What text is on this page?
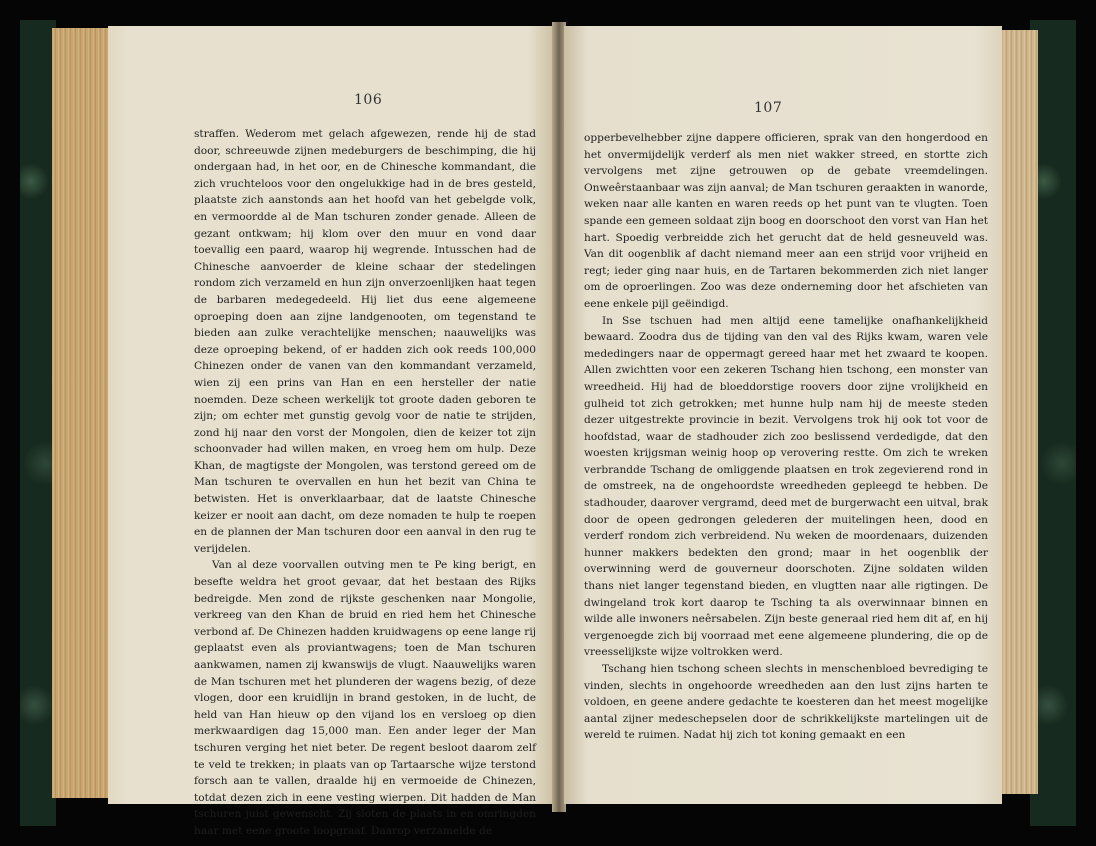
106

straffen. Wederom met gelach afgewezen, rende hij de stad door, schreeuwde zijnen medeburgers de beschimping, die hij ondergaan had, in het oor, en de Chinesche kommandant, die zich vruchteloos voor den ongelukkige had in de bres gesteld, plaatste zich aanstonds aan het hoofd van het gebelgde volk, en vermoordde al de Man tschuren zonder genade. Alleen de gezant ontkwam; hij klom over den muur en vond daar toevallig een paard, waarop hij wegrende. Intusschen had de Chinesche aanvoerder de kleine schaar der stedelingen rondom zich verzameld en hun zijn onverzoenlijken haat tegen de barbaren medegedeeld. Hij liet dus eene algemeene oproeping doen aan zijne landgenooten, om tegenstand te bieden aan zulke verachtelijke menschen; naauwelijks was deze oproeping bekend, of er hadden zich ook reeds 100,000 Chinezen onder de vanen van den kommandant verzameld, wien zij een prins van Han en een hersteller der natie noemden. Deze scheen werkelijk tot groote daden geboren te zijn; om echter met gunstig gevolg voor de natie te strijden, zond hij naar den vorst der Mongolen, dien de keizer tot zijn schoonvader had willen maken, en vroeg hem om hulp. Deze Khan, de magtigste der Mongolen, was terstond gereed om de Man tschuren te overvallen en hun het bezit van China te betwisten. Het is onverklaarbaar, dat de laatste Chinesche keizer er nooit aan dacht, om deze nomaden te hulp te roepen en de plannen der Man tschuren door een aanval in den rug te verijdelen.

Van al deze voorvallen outving men te Pe king berigt, en besefte weldra het groot gevaar, dat het bestaan des Rijks bedreigde. Men zond de rijkste geschenken naar Mongolie, verkreeg van den Khan de bruid en ried hem het Chinesche verbond af. De Chinezen hadden kruidwagens op eene lange rij geplaatst even als proviantwagens; toen de Man tschuren aankwamen, namen zij kwanswijs de vlugt. Naauwelijks waren de Man tschuren met het plunderen der wagens bezig, of deze vlogen, door een kruidlijn in brand gestoken, in de lucht, de held van Han hieuw op den vijand los en versloeg op dien merkwaardigen dag 15,000 man. Een ander leger der Man tschuren verging het niet beter. De regent besloot daarom zelf te veld te trekken; in plaats van op Tartaarsche wijze terstond forsch aan te vallen, draalde hij en vermoeide de Chinezen, totdat dezen zich in eene vesting wierpen. Dit hadden de Man tschuren juist gewenscht. Zij sloten de plaats in en omringden haar met eene groote loopgraaf. Daarop verzamelde de

107

opperbevelhebber zijne dappere officieren, sprak van den hongerdood en het onvermijdelijk verderf als men niet wakker streed, en stortte zich vervolgens met zijne getrouwen op de gebate vreemdelingen. Onweêrstaanbaar was zijn aanval; de Man tschuren geraakten in wanorde, weken naar alle kanten en waren reeds op het punt van te vlugten. Toen spande een gemeen soldaat zijn boog en doorschoot den vorst van Han het hart. Spoedig verbreidde zich het gerucht dat de held gesneuveld was. Van dit oogenblik af dacht niemand meer aan een strijd voor vrijheid en regt; ieder ging naar huis, en de Tartaren bekommerden zich niet langer om de oproerlingen. Zoo was deze onderneming door het afschieten van eene enkele pijl geëindigd.

In Sse tschuen had men altijd eene tamelijke onafhankelijkheid bewaard. Zoodra dus de tijding van den val des Rijks kwam, waren vele mededingers naar de oppermagt gereed haar met het zwaard te koopen. Allen zwichtten voor een zekeren Tschang hien tschong, een monster van wreedheid. Hij had de bloeddorstige roovers door zijne vrolijkheid en gulheid tot zich getrokken; met hunne hulp nam hij de meeste steden dezer uitgestrekte provincie in bezit. Vervolgens trok hij ook tot voor de hoofdstad, waar de stadhouder zich zoo beslissend verdedigde, dat den woesten krijgsman weinig hoop op verovering restte. Om zich te wreken verbrandde Tschang de omliggende plaatsen en trok zegevierend rond in de omstreek, na de ongehoordste wreedheden gepleegd te hebben. De stadhouder, daarover vergramd, deed met de burgerwacht een uitval, brak door de opeen gedrongen gelederen der muitelingen heen, dood en verderf rondom zich verbreidend. Nu weken de moordenaars, duizenden hunner makkers bedekten den grond; maar in het oogenblik der overwinning werd de gouverneur doorschoten. Zijne soldaten wilden thans niet langer tegenstand bieden, en vlugtten naar alle rigtingen. De dwingeland trok kort daarop te Tsching ta als overwinnaar binnen en wilde alle inwoners neêrsabelen. Zijn beste generaal ried hem dit af, en hij vergenoegde zich bij voorraad met eene algemeene plundering, die op de vreesselijkste wijze voltrokken werd.

Tschang hien tschong scheen slechts in menschenbloed bevrediging te vinden, slechts in ongehoorde wreedheden aan den lust zijns harten te voldoen, en geene andere gedachte te koesteren dan het meest mogelijke aantal zijner medeschepselen door de schrikkelijkste martelingen uit de wereld te ruimen. Nadat hij zich tot koning gemaakt en een
